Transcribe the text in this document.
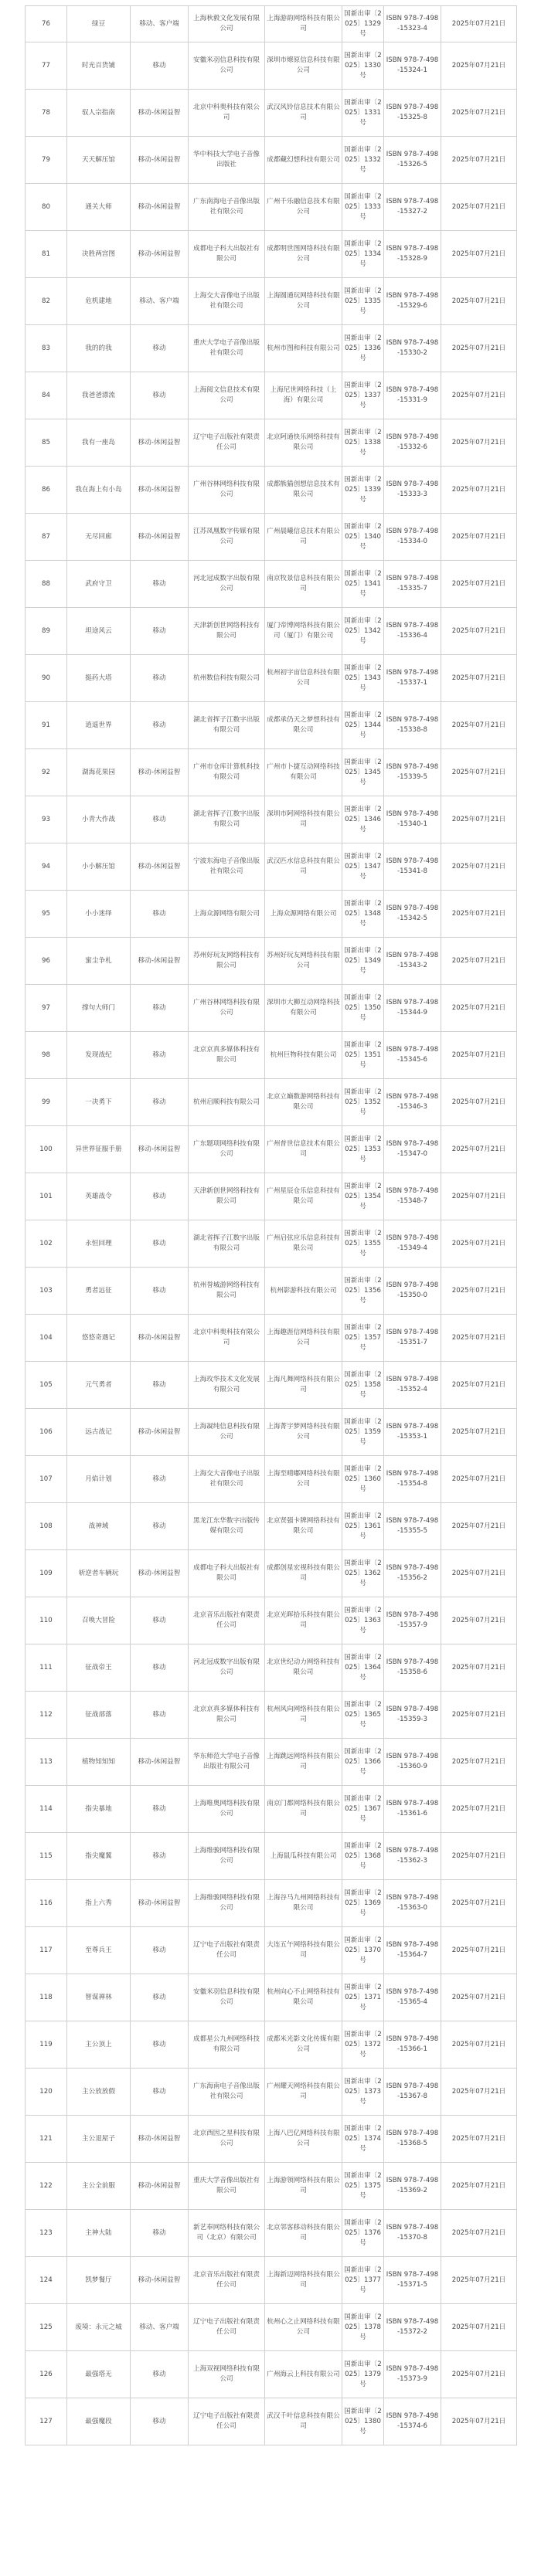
76	绿豆	移动、客户端	上海秋毅文化发展有限公司	上海游韵网络科技有限公司	国新出审〔2025〕1329号	ISBN 978-7-498-15323-4	2025年07月21日
77	时光百货铺	移动	安徽米羽信息科技有限公司	深圳市燎原信息科技有限公司	国新出审〔2025〕1330号	ISBN 978-7-498-15324-1	2025年07月21日
78	驭人宗指南	移动-休闲益智	北京中科奥科技有限公司	武汉风铃信息技术有限公司	国新出审〔2025〕1331号	ISBN 978-7-498-15325-8	2025年07月21日
79	天天解压馆	移动-休闲益智	华中科技大学电子音像出版社	成都藏幻想科技有限公司	国新出审〔2025〕1332号	ISBN 978-7-498-15326-5	2025年07月21日
80	通关大师	移动-休闲益智	广东南海电子音像出版社有限公司	广州千乐融信息技术有限公司	国新出审〔2025〕1333号	ISBN 978-7-498-15327-2	2025年07月21日
81	决胜两宫图	移动-休闲益智	成都电子科大出版社有限公司	成都明世图网络科技有限公司	国新出审〔2025〕1334号	ISBN 978-7-498-15328-9	2025年07月21日
82	危机建地	移动、客户端	上海交大音像电子出版社有限公司	上海圆通玩网络科技有限公司	国新出审〔2025〕1335号	ISBN 978-7-498-15329-6	2025年07月21日
83	我的的我	移动	重庆大学电子音像出版社有限公司	杭州市图和科技有限公司	国新出审〔2025〕1336号	ISBN 978-7-498-15330-2	2025年07月21日
84	我爸爸漂流	移动	上海阅文信息技术有限公司	上海尼世网络科技（上海）有限公司	国新出审〔2025〕1337号	ISBN 978-7-498-15331-9	2025年07月21日
85	我有一座岛	移动-休闲益智	辽宁电子出版社有限责任公司	北京阿通快乐网络科技有限公司	国新出审〔2025〕1338号	ISBN 978-7-498-15332-6	2025年07月21日
86	我在海上有小岛	移动-休闲益智	广州谷林网络科技有限公司	成都熊猫创想信息技术有限公司	国新出审〔2025〕1339号	ISBN 978-7-498-15333-3	2025年07月21日
87	无尽回廊	移动-休闲益智	江苏凤凰数字传媒有限公司	广州晨曦信息技术有限公司	国新出审〔2025〕1340号	ISBN 978-7-498-15334-0	2025年07月21日
88	武府守卫	移动	河北冠成数字出版有限公司	南京牧景信息科技有限公司	国新出审〔2025〕1341号	ISBN 978-7-498-15335-7	2025年07月21日
89	坦途风云	移动	天津新创世网络科技有限公司	厦门帝博网络科技有限公司（厦门）有限公司	国新出审〔2025〕1342号	ISBN 978-7-498-15336-4	2025年07月21日
90	挺药大塔	移动	杭州数信科技有限公司	杭州初字宙信息科技有限公司	国新出审〔2025〕1343号	ISBN 978-7-498-15337-1	2025年07月21日
91	逍遥世界	移动	湖北省挥子江数字出版有限公司	成都承仍天之梦想科技有限公司	国新出审〔2025〕1344号	ISBN 978-7-498-15338-8	2025年07月21日
92	湖海花果园	移动-休闲益智	广州市仓库计算机科技有限公司	广州市卜捷互动网络科技有限公司	国新出审〔2025〕1345号	ISBN 978-7-498-15339-5	2025年07月21日
93	小青大作战	移动	湖北省挥子江数字出版有限公司	深圳市阿网络科技有限公司	国新出审〔2025〕1346号	ISBN 978-7-498-15340-1	2025年07月21日
94	小小解压馆	移动-休闲益智	宁波东海电子音像出版社有限公司	武汉匹水信息科技有限公司	国新出审〔2025〕1347号	ISBN 978-7-498-15341-8	2025年07月21日
95	小小迷绎	移动	上海众源网络有限公司	上海众源网络有限公司	国新出审〔2025〕1348号	ISBN 978-7-498-15342-5	2025年07月21日
96	蜜尘争札	移动-休闲益智	苏州好玩友网络科技有限公司	苏州好玩友网络科技有限公司	国新出审〔2025〕1349号	ISBN 978-7-498-15343-2	2025年07月21日
97	撑句大师门	移动	广州谷林网络科技有限公司	深圳市大狮互动网络科技有限公司	国新出审〔2025〕1350号	ISBN 978-7-498-15344-9	2025年07月21日
98	发现战纪	移动	北京京真多媒体科技有限公司	杭州巨物科技有限公司	国新出审〔2025〕1351号	ISBN 978-7-498-15345-6	2025年07月21日
99	一决勇下	移动	杭州启顺科技有限公司	北京立巅数游网络科技有限公司	国新出审〔2025〕1352号	ISBN 978-7-498-15346-3	2025年07月21日
100	异世界征服手册	移动-休闲益智	广东题项网络科技有限公司	广州普世信息技术有限公司	国新出审〔2025〕1353号	ISBN 978-7-498-15347-0	2025年07月21日
101	英雄战令	移动	天津新创世网络科技有限公司	广州星辰仓乐信息科技有限公司	国新出审〔2025〕1354号	ISBN 978-7-498-15348-7	2025年07月21日
102	永恒回理	移动	湖北省挥子江数字出版有限公司	广州启弦应乐信息科技有限公司	国新出审〔2025〕1355号	ISBN 978-7-498-15349-4	2025年07月21日
103	勇者远征	移动	杭州誉城游网络科技有限公司	杭州影游科技有限公司	国新出审〔2025〕1356号	ISBN 978-7-498-15350-0	2025年07月21日
104	悠悠奇遇记	移动-休闲益智	北京中科奥科技有限公司	上海趣涯信网络科技有限公司	国新出审〔2025〕1357号	ISBN 978-7-498-15351-7	2025年07月21日
105	元气勇者	移动	上海玫华技术文化发展有限公司	上海凡舞网络科技有限公司	国新出审〔2025〕1358号	ISBN 978-7-498-15352-4	2025年07月21日
106	远古战记	移动-休闲益智	上海凝纯信息科技有限公司	上海菁宇梦网络科技有限公司	国新出审〔2025〕1359号	ISBN 978-7-498-15353-1	2025年07月21日
107	月焰计划	移动	上海交大音像电子出版社有限公司	上海至晴嘟网络科技有限公司	国新出审〔2025〕1360号	ISBN 978-7-498-15354-8	2025年07月21日
108	战神域	移动	黑龙江东华数字出版传媒有限公司	北京贤强卡牌网络科技有限公司	国新出审〔2025〕1361号	ISBN 978-7-498-15355-5	2025年07月21日
109	斩逆者车辆玩	移动-休闲益智	成都电子科大出版社有限公司	成都创星宏视科技有限公司	国新出审〔2025〕1362号	ISBN 978-7-498-15356-2	2025年07月21日
110	召唤大冒险	移动	北京音乐出版社有限责任公司	北京光晖拾乐科技有限公司	国新出审〔2025〕1363号	ISBN 978-7-498-15357-9	2025年07月21日
111	征战帝王	移动	河北冠成数字出版有限公司	北京世纪动力网络科技有限公司	国新出审〔2025〕1364号	ISBN 978-7-498-15358-6	2025年07月21日
112	征战部落	移动	北京京真多媒体科技有限公司	杭州风向网络科技有限公司	国新出审〔2025〕1365号	ISBN 978-7-498-15359-3	2025年07月21日
113	植物知知知	移动-休闲益智	华东师范大学电子音像出版社有限公司	上海跳远网络科技有限公司	国新出审〔2025〕1366号	ISBN 978-7-498-15360-9	2025年07月21日
114	指尖暴地	移动	上海唯奥网络科技有限公司	南京门都网络科技有限公司	国新出审〔2025〕1367号	ISBN 978-7-498-15361-6	2025年07月21日
115	指尖魔翼	移动	上海维骏网络科技有限公司	上海鼠瓜科技有限公司	国新出审〔2025〕1368号	ISBN 978-7-498-15362-3	2025年07月21日
116	指上六秀	移动-休闲益智	上海维骏网络科技有限公司	上海谷马九州网络科技有限公司	国新出审〔2025〕1369号	ISBN 978-7-498-15363-0	2025年07月21日
117	至尊兵王	移动	辽宁电子出版社有限责任公司	大连五午网络科技有限公司	国新出审〔2025〕1370号	ISBN 978-7-498-15364-7	2025年07月21日
118	智谋禅林	移动	安徽米羽信息科技有限公司	杭州向心不止网络科技有限公司	国新出审〔2025〕1371号	ISBN 978-7-498-15365-4	2025年07月21日
119	主公顶上	移动	成都星公九州网络科技有限公司	成都米光影文化传媒有限公司	国新出审〔2025〕1372号	ISBN 978-7-498-15366-1	2025年07月21日
120	主公放放假	移动	广东海南电子音像出版社有限公司	广州耀天网络科技有限公司	国新出审〔2025〕1373号	ISBN 978-7-498-15367-8	2025年07月21日
121	主公退屋子	移动-休闲益智	北京西因之星科技有限公司	上海八巴亿网络科技有限公司	国新出审〔2025〕1374号	ISBN 978-7-498-15368-5	2025年07月21日
122	主公全前服	移动-休闲益智	重庆大学音像出版社有限公司	上海游领网络科技有限公司	国新出审〔2025〕1375号	ISBN 978-7-498-15369-2	2025年07月21日
123	主神大陆	移动	新艺奉网络科技有限公司（北京）有限公司	北京邻客移动科技有限公司	国新出审〔2025〕1376号	ISBN 978-7-498-15370-8	2025年07月21日
124	凯梦餐厅	移动-休闲益智	北京音乐出版社有限责任公司	上海新迈网络科技有限公司	国新出审〔2025〕1377号	ISBN 978-7-498-15371-5	2025年07月21日
125	废境：永元之城	移动、客户端	辽宁电子出版社有限责任公司	杭州心之止网络科技有限公司	国新出审〔2025〕1378号	ISBN 978-7-498-15372-2	2025年07月21日
126	最强塔无	移动	上海双视网络科技有限公司	广州海云上科技有限公司	国新出审〔2025〕1379号	ISBN 978-7-498-15373-9	2025年07月21日
127	最强魔段	移动	辽宁电子出版社有限责任公司	武汉千叶信息科技有限公司	国新出审〔2025〕1380号	ISBN 978-7-498-15374-6	2025年07月21日
